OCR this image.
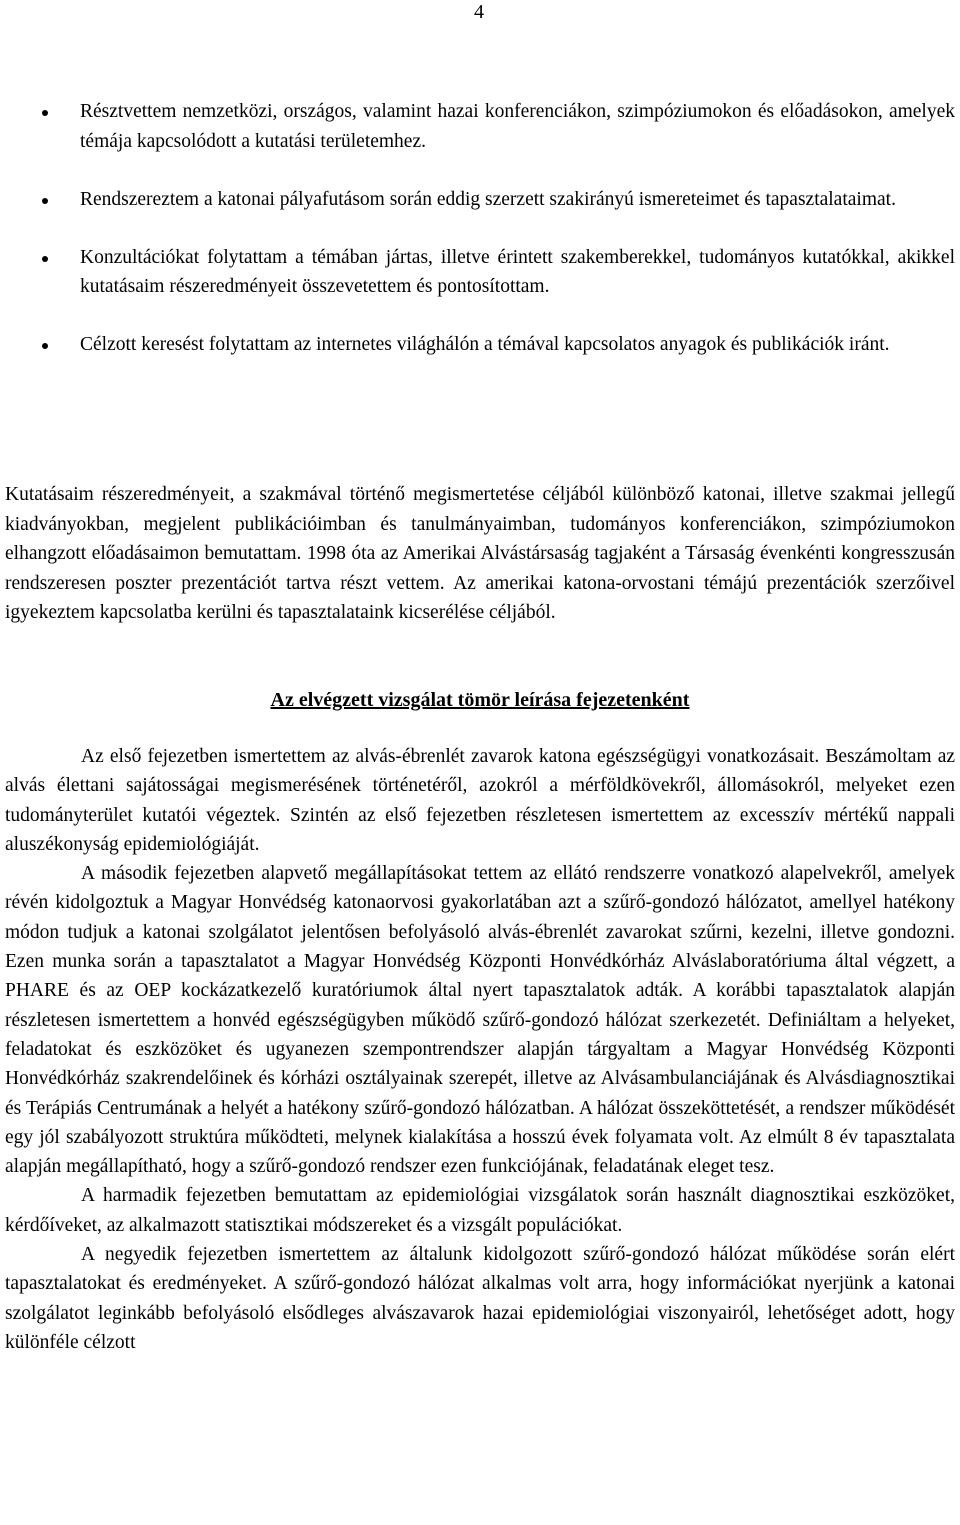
4
Résztvettem nemzetközi, országos, valamint hazai konferenciákon, szimpóziumokon és előadásokon, amelyek témája kapcsolódott a kutatási területemhez.
Rendszereztem a katonai pályafutásom során eddig szerzett szakirányú ismereteimet és tapasztalataimat.
Konzultációkat folytattam a témában jártas, illetve érintett szakemberekkel, tudományos kutatókkal, akikkel kutatásaim részeredményeit összevetettem és pontosítottam.
Célzott keresést folytattam az internetes világhálón a témával kapcsolatos anyagok és publikációk iránt.

Kutatásaim részeredményeit, a szakmával történő megismertetése céljából különböző katonai, illetve szakmai jellegű kiadványokban, megjelent publikációimban és tanulmányaimban, tudományos konferenciákon, szimpóziumokon elhangzott előadásaimon bemutattam. 1998 óta az Amerikai Alvástársaság tagjaként a Társaság évenkénti kongresszusán rendszeresen poszter prezentációt tartva részt vettem. Az amerikai katona-orvostani témájú prezentációk szerzőivel igyekeztem kapcsolatba kerülni és tapasztalataink kicserélése céljából.

Az elvégzett vizsgálat tömör leírása fejezetenként

Az első fejezetben ismertettem az alvás-ébrenlét zavarok katona egészségügyi vonatkozásait. Beszámoltam az alvás élettani sajátosságai megismerésének történetéről, azokról a mérföldkövekről, állomásokról, melyeket ezen tudományterület kutatói végeztek. Szintén az első fejezetben részletesen ismertettem az excesszív mértékű nappali aluszékonyság epidemiológiáját.

A második fejezetben alapvető megállapításokat tettem az ellátó rendszerre vonatkozó alapelvekről, amelyek révén kidolgoztuk a Magyar Honvédség katonaorvosi gyakorlatában azt a szűrő-gondozó hálózatot, amellyel hatékony módon tudjuk a katonai szolgálatot jelentősen befolyásoló alvás-ébrenlét zavarokat szűrni, kezelni, illetve gondozni. Ezen munka során a tapasztalatot a Magyar Honvédség Központi Honvédkórház Alváslaboratóriuma által végzett, a PHARE és az OEP kockázatkezelő kuratóriumok által nyert tapasztalatok adták. A korábbi tapasztalatok alapján részletesen ismertettem a honvéd egészségügyben működő szűrő-gondozó hálózat szerkezetét. Definiáltam a helyeket, feladatokat és eszközöket és ugyanezen szempontrendszer alapján tárgyaltam a Magyar Honvédség Központi Honvédkórház szakrendelőinek és kórházi osztályainak szerepét, illetve az Alvásambulanciájának és Alvásdiagnosztikai és Terápiás Centrumának a helyét a hatékony szűrő-gondozó hálózatban. A hálózat összeköttetését, a rendszer működését egy jól szabályozott struktúra működteti, melynek kialakítása a hosszú évek folyamata volt. Az elmúlt 8 év tapasztalata alapján megállapítható, hogy a szűrő-gondozó rendszer ezen funkciójának, feladatának eleget tesz.

A harmadik fejezetben bemutattam az epidemiológiai vizsgálatok során használt diagnosztikai eszközöket, kérdőíveket, az alkalmazott statisztikai módszereket és a vizsgált populációkat.

A negyedik fejezetben ismertettem az általunk kidolgozott szűrő-gondozó hálózat működése során elért tapasztalatokat és eredményeket. A szűrő-gondozó hálózat alkalmas volt arra, hogy információkat nyerjünk a katonai szolgálatot leginkább befolyásoló elsődleges alvászavarok hazai epidemiológiai viszonyairól, lehetőséget adott, hogy különféle célzott
